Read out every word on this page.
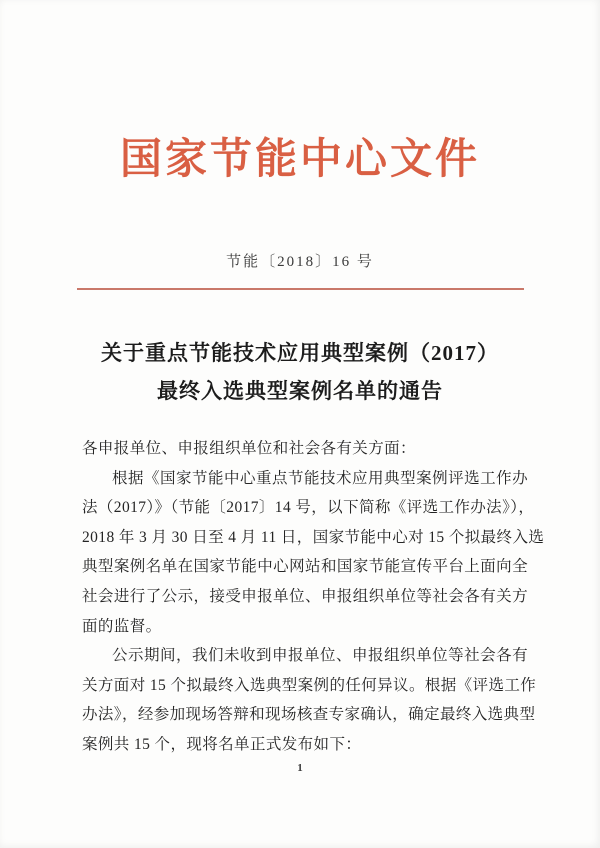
国家节能中心文件
节能〔2018〕16 号
关于重点节能技术应用典型案例（2017）
最终入选典型案例名单的通告
各申报单位、申报组织单位和社会各有关方面：
根据《国家节能中心重点节能技术应用典型案例评选工作办
法（2017）》（节能〔2017〕14 号，以下简称《评选工作办法》），
2018 年 3 月 30 日至 4 月 11 日，国家节能中心对 15 个拟最终入选
典型案例名单在国家节能中心网站和国家节能宣传平台上面向全
社会进行了公示，接受申报单位、申报组织单位等社会各有关方
面的监督。
公示期间，我们未收到申报单位、申报组织单位等社会各有
关方面对 15 个拟最终入选典型案例的任何异议。根据《评选工作
办法》，经参加现场答辩和现场核查专家确认，确定最终入选典型
案例共 15 个，现将名单正式发布如下：
1
